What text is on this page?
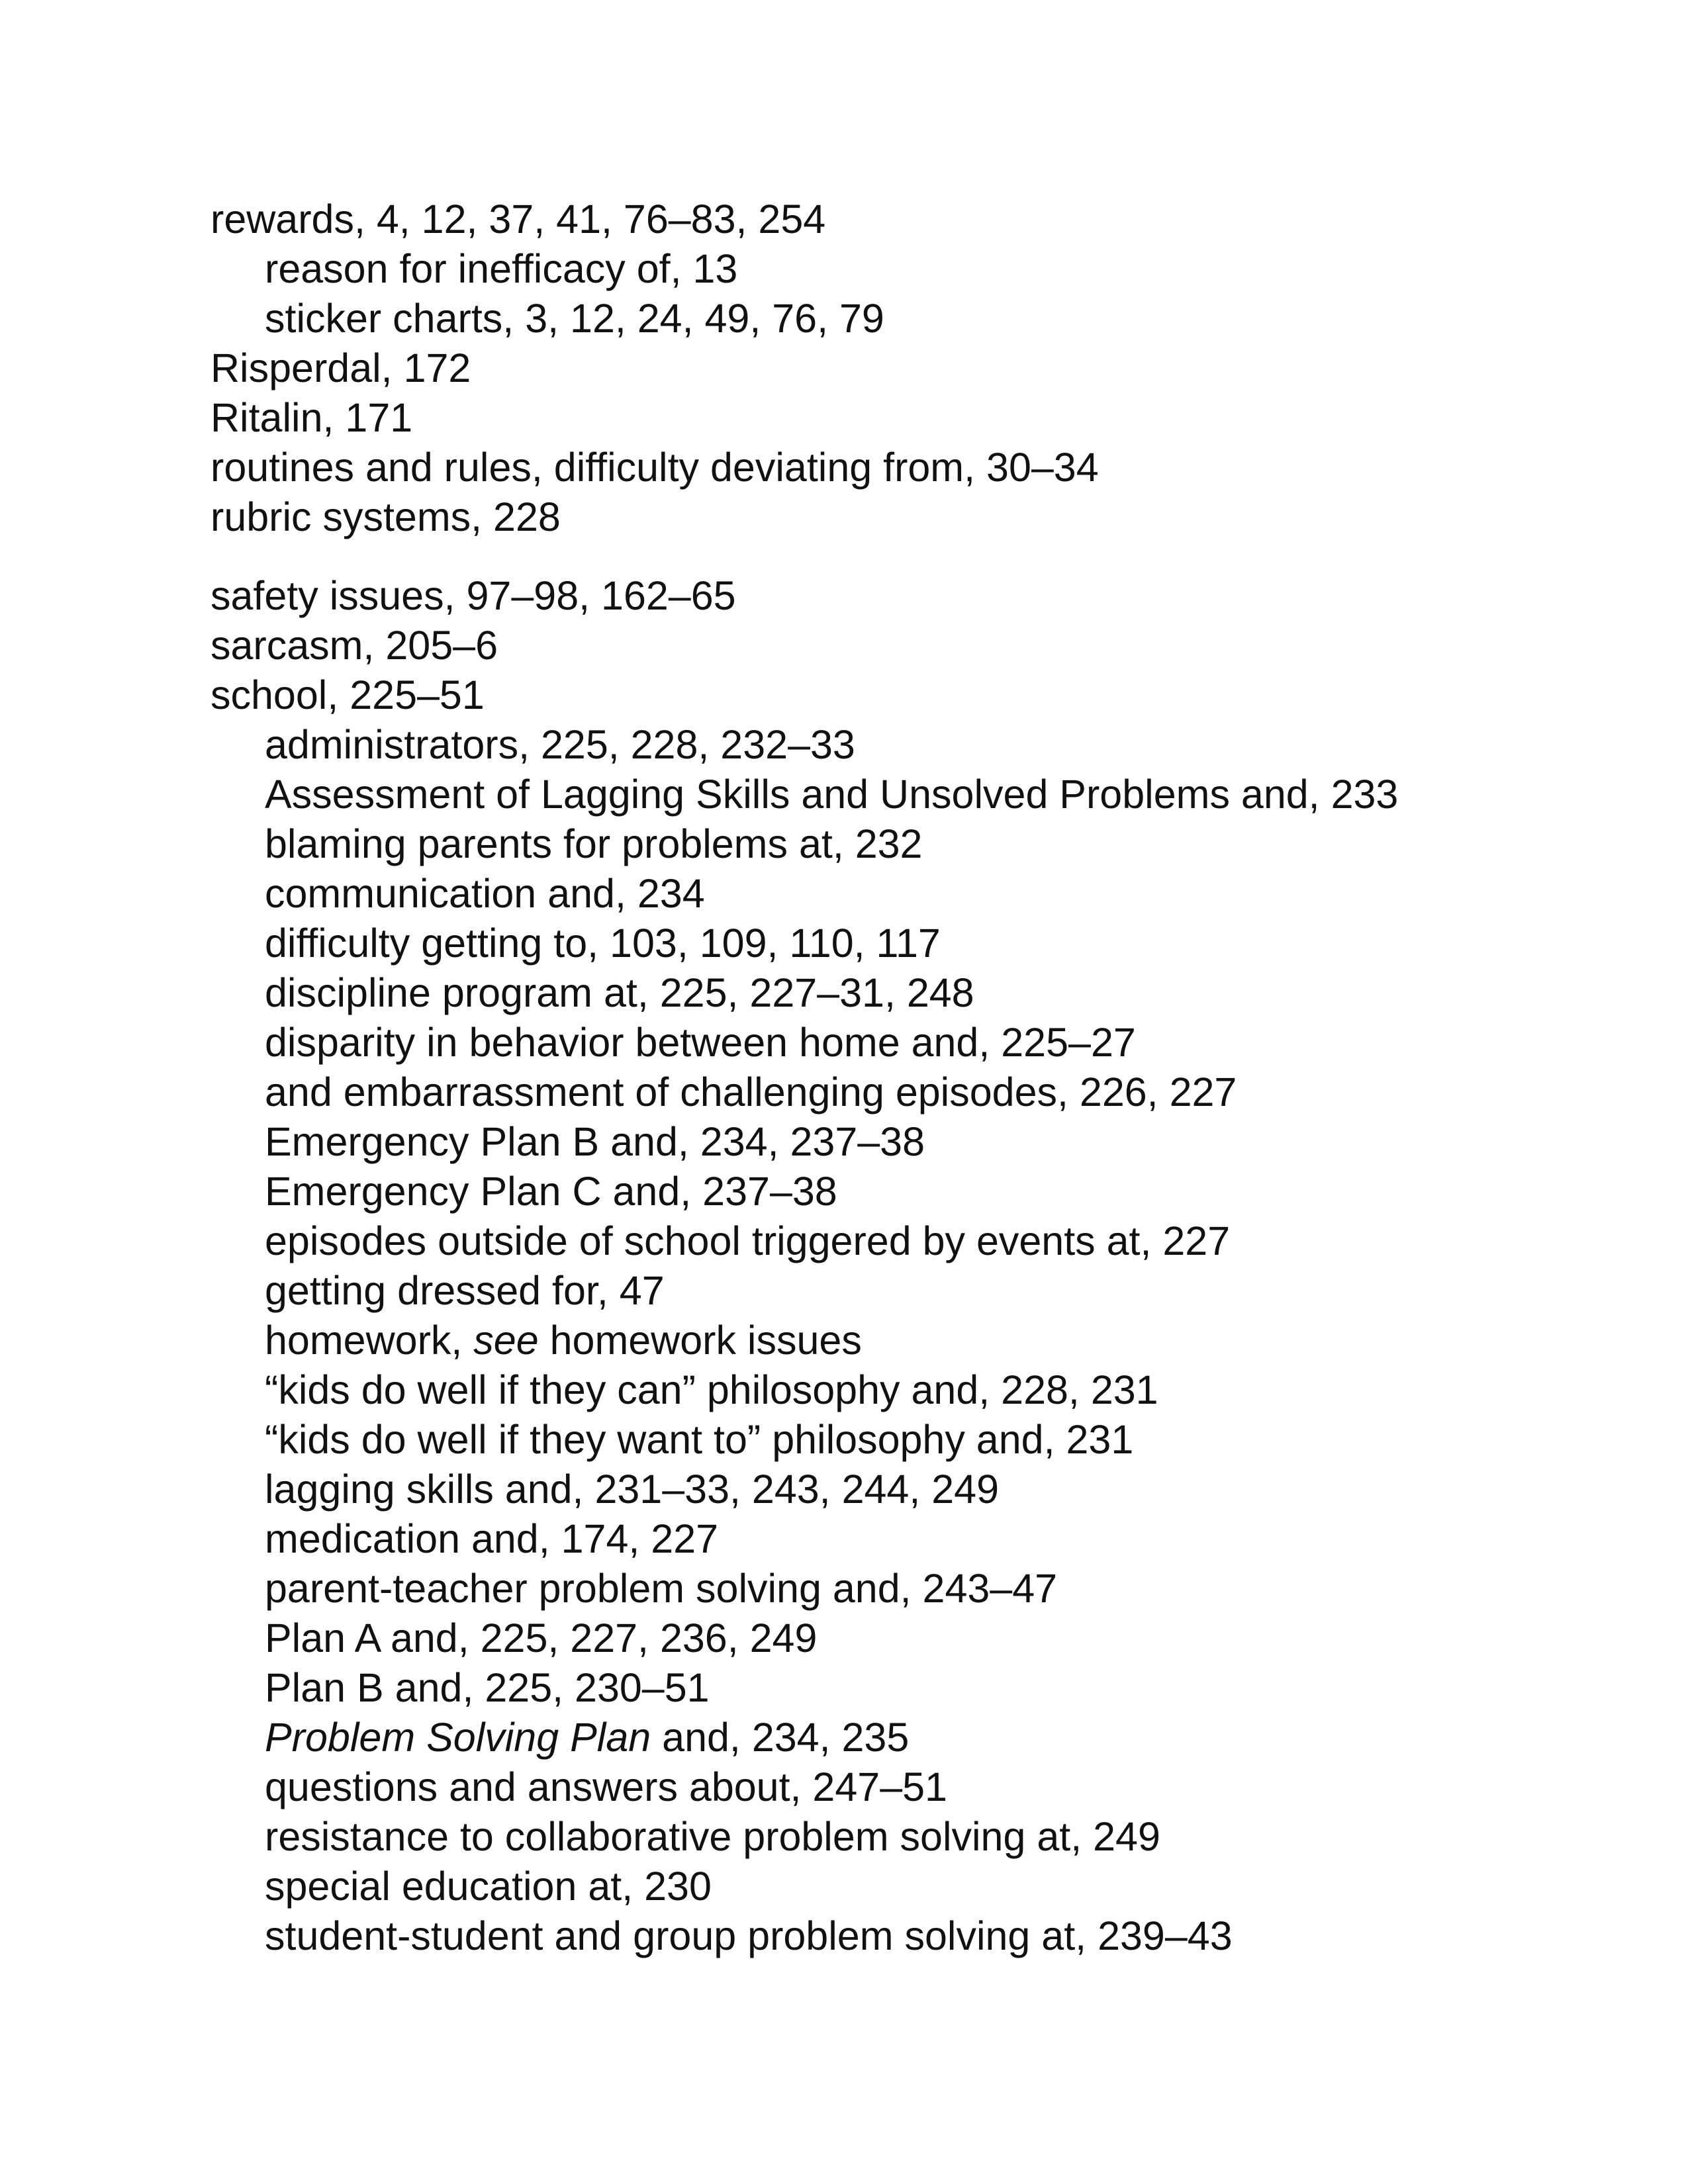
rewards, 4, 12, 37, 41, 76–83, 254
reason for inefficacy of, 13
sticker charts, 3, 12, 24, 49, 76, 79
Risperdal, 172
Ritalin, 171
routines and rules, difficulty deviating from, 30–34
rubric systems, 228
safety issues, 97–98, 162–65
sarcasm, 205–6
school, 225–51
administrators, 225, 228, 232–33
Assessment of Lagging Skills and Unsolved Problems and, 233
blaming parents for problems at, 232
communication and, 234
difficulty getting to, 103, 109, 110, 117
discipline program at, 225, 227–31, 248
disparity in behavior between home and, 225–27
and embarrassment of challenging episodes, 226, 227
Emergency Plan B and, 234, 237–38
Emergency Plan C and, 237–38
episodes outside of school triggered by events at, 227
getting dressed for, 47
homework, see homework issues
“kids do well if they can” philosophy and, 228, 231
“kids do well if they want to” philosophy and, 231
lagging skills and, 231–33, 243, 244, 249
medication and, 174, 227
parent-teacher problem solving and, 243–47
Plan A and, 225, 227, 236, 249
Plan B and, 225, 230–51
Problem Solving Plan and, 234, 235
questions and answers about, 247–51
resistance to collaborative problem solving at, 249
special education at, 230
student-student and group problem solving at, 239–43
